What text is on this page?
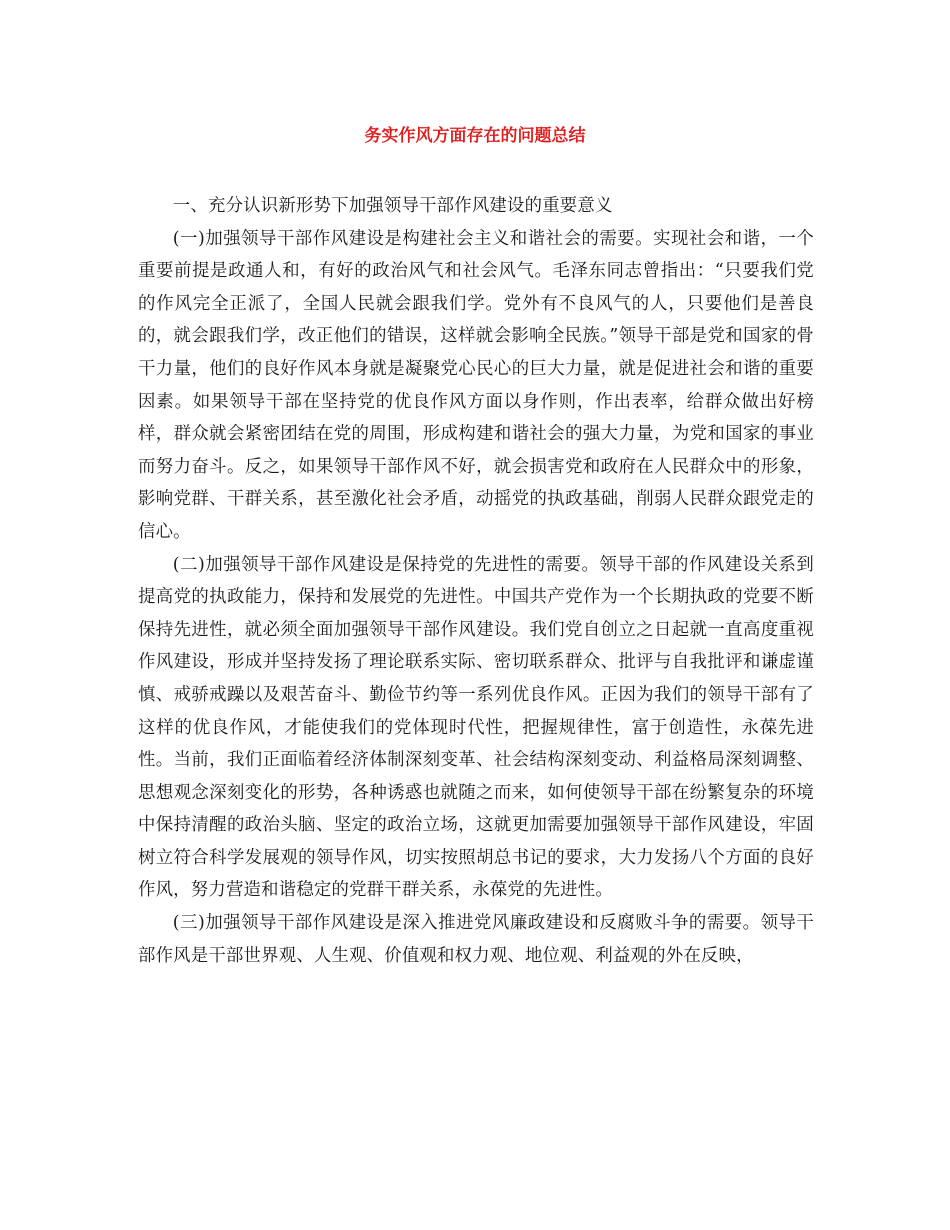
务实作风方面存在的问题总结

一、充分认识新形势下加强领导干部作风建设的重要意义

(一)加强领导干部作风建设是构建社会主义和谐社会的需要。实现社会和谐，一个重要前提是政通人和，有好的政治风气和社会风气。毛泽东同志曾指出：“只要我们党的作风完全正派了，全国人民就会跟我们学。党外有不良风气的人，只要他们是善良的，就会跟我们学，改正他们的错误，这样就会影响全民族。”领导干部是党和国家的骨干力量，他们的良好作风本身就是凝聚党心民心的巨大力量，就是促进社会和谐的重要因素。如果领导干部在坚持党的优良作风方面以身作则，作出表率，给群众做出好榜样，群众就会紧密团结在党的周围，形成构建和谐社会的强大力量，为党和国家的事业而努力奋斗。反之，如果领导干部作风不好，就会损害党和政府在人民群众中的形象，影响党群、干群关系，甚至激化社会矛盾，动摇党的执政基础，削弱人民群众跟党走的信心。

(二)加强领导干部作风建设是保持党的先进性的需要。领导干部的作风建设关系到提高党的执政能力，保持和发展党的先进性。中国共产党作为一个长期执政的党要不断保持先进性，就必须全面加强领导干部作风建设。我们党自创立之日起就一直高度重视作风建设，形成并坚持发扬了理论联系实际、密切联系群众、批评与自我批评和谦虚谨慎、戒骄戒躁以及艰苦奋斗、勤俭节约等一系列优良作风。正因为我们的领导干部有了这样的优良作风，才能使我们的党体现时代性，把握规律性，富于创造性，永葆先进性。当前，我们正面临着经济体制深刻变革、社会结构深刻变动、利益格局深刻调整、思想观念深刻变化的形势，各种诱惑也就随之而来，如何使领导干部在纷繁复杂的环境中保持清醒的政治头脑、坚定的政治立场，这就更加需要加强领导干部作风建设，牢固树立符合科学发展观的领导作风，切实按照胡总书记的要求，大力发扬八个方面的良好作风，努力营造和谐稳定的党群干群关系，永葆党的先进性。

(三)加强领导干部作风建设是深入推进党风廉政建设和反腐败斗争的需要。领导干部作风是干部世界观、人生观、价值观和权力观、地位观、利益观的外在反映，
